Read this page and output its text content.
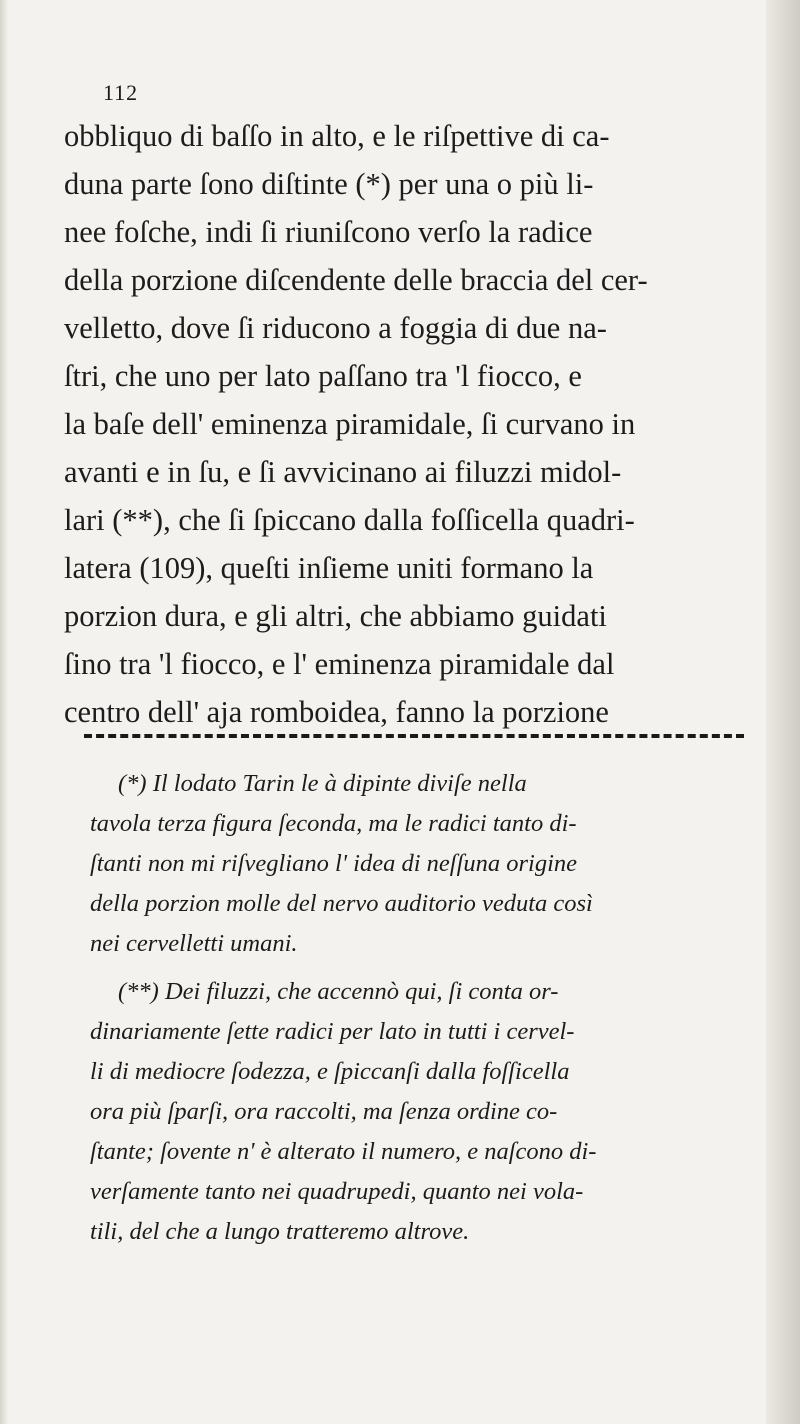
112
obbliquo di baſſo in alto, e le riſpettive di ca-
duna parte ſono diſtinte (*) per una o più li-
nee foſche, indi ſi riuniſcono verſo la radice
della porzione diſcendente delle braccia del cer-
velletto, dove ſi riducono a foggia di due na-
ſtri, che uno per lato paſſano tra 'l fiocco, e
la baſe dell' eminenza piramidale, ſi curvano in
avanti e in ſu, e ſi avvicinano ai filuzzi midol-
lari (**), che ſi ſpiccano dalla foſſicella quadri-
latera (109), queſti inſieme uniti formano la
porzion dura, e gli altri, che abbiamo guidati
ſino tra 'l fiocco, e l' eminenza piramidale dal
centro dell' aja romboidea, fanno la porzione
(*) Il lodato Tarin le à dipinte diviſe nella
tavola terza figura ſeconda, ma le radici tanto di-
ſtanti non mi riſvegliano l' idea di neſſuna origine
della porzion molle del nervo auditorio veduta così
nei cervelletti umani.
(**) Dei filuzzi, che accennò qui, ſi conta or-
dinariamente ſette radici per lato in tutti i cervel-
li di mediocre ſodezza, e ſpiccanſi dalla foſſicella
ora più ſparſi, ora raccolti, ma ſenza ordine co-
ſtante; ſovente n' è alterato il numero, e naſcono di-
verſamente tanto nei quadrupedi, quanto nei vola-
tili, del che a lungo tratteremo altrove.
